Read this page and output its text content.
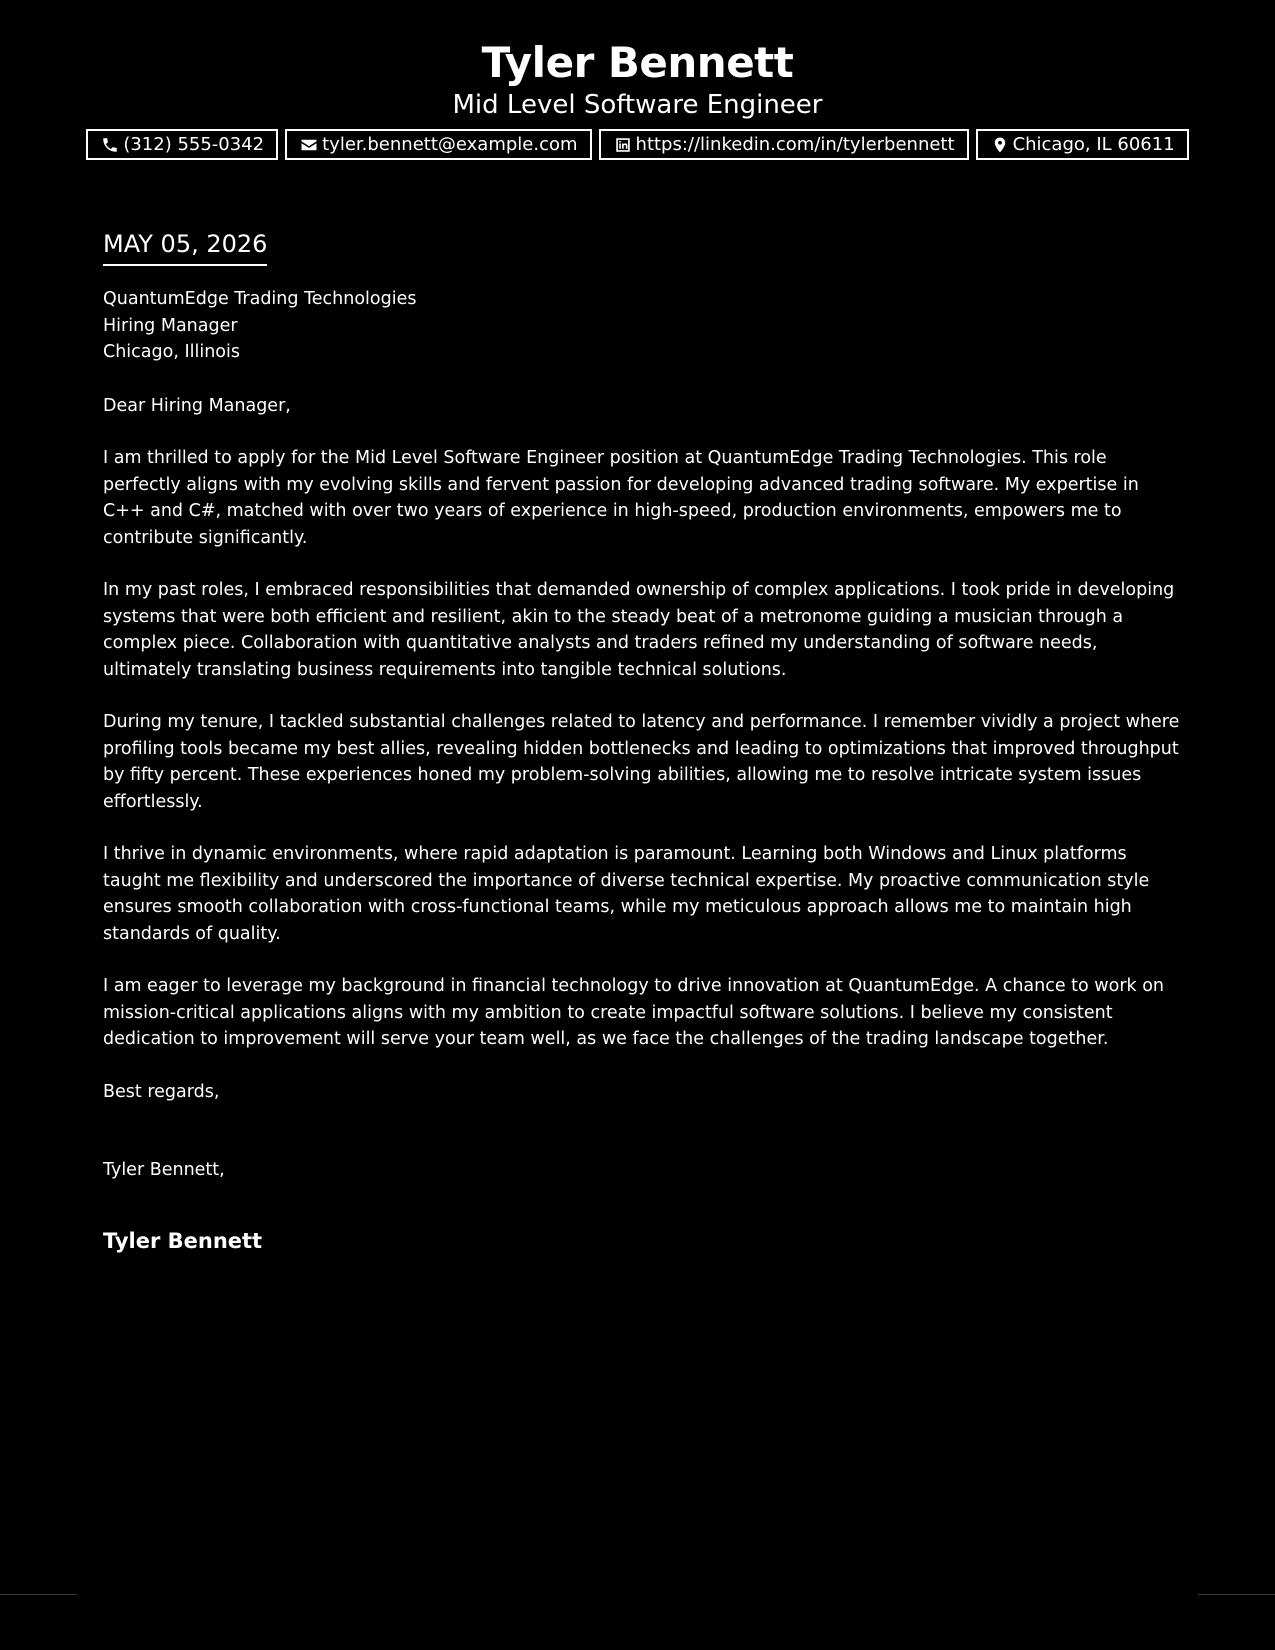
Tyler Bennett
Mid Level Software Engineer
(312) 555-0342	tyler.bennett@example.com	https://linkedin.com/in/tylerbennett	Chicago, IL 60611
MAY 05, 2026
QuantumEdge Trading Technologies
Hiring Manager
Chicago, Illinois
Dear Hiring Manager,
I am thrilled to apply for the Mid Level Software Engineer position at QuantumEdge Trading Technologies. This role perfectly aligns with my evolving skills and fervent passion for developing advanced trading software. My expertise in C++ and C#, matched with over two years of experience in high-speed, production environments, empowers me to contribute significantly.
In my past roles, I embraced responsibilities that demanded ownership of complex applications. I took pride in developing systems that were both efficient and resilient, akin to the steady beat of a metronome guiding a musician through a complex piece. Collaboration with quantitative analysts and traders refined my understanding of software needs, ultimately translating business requirements into tangible technical solutions.
During my tenure, I tackled substantial challenges related to latency and performance. I remember vividly a project where profiling tools became my best allies, revealing hidden bottlenecks and leading to optimizations that improved throughput by fifty percent. These experiences honed my problem-solving abilities, allowing me to resolve intricate system issues effortlessly.
I thrive in dynamic environments, where rapid adaptation is paramount. Learning both Windows and Linux platforms taught me flexibility and underscored the importance of diverse technical expertise. My proactive communication style ensures smooth collaboration with cross-functional teams, while my meticulous approach allows me to maintain high standards of quality.
I am eager to leverage my background in financial technology to drive innovation at QuantumEdge. A chance to work on mission-critical applications aligns with my ambition to create impactful software solutions. I believe my consistent dedication to improvement will serve your team well, as we face the challenges of the trading landscape together.
Best regards,
Tyler Bennett,
Tyler Bennett
